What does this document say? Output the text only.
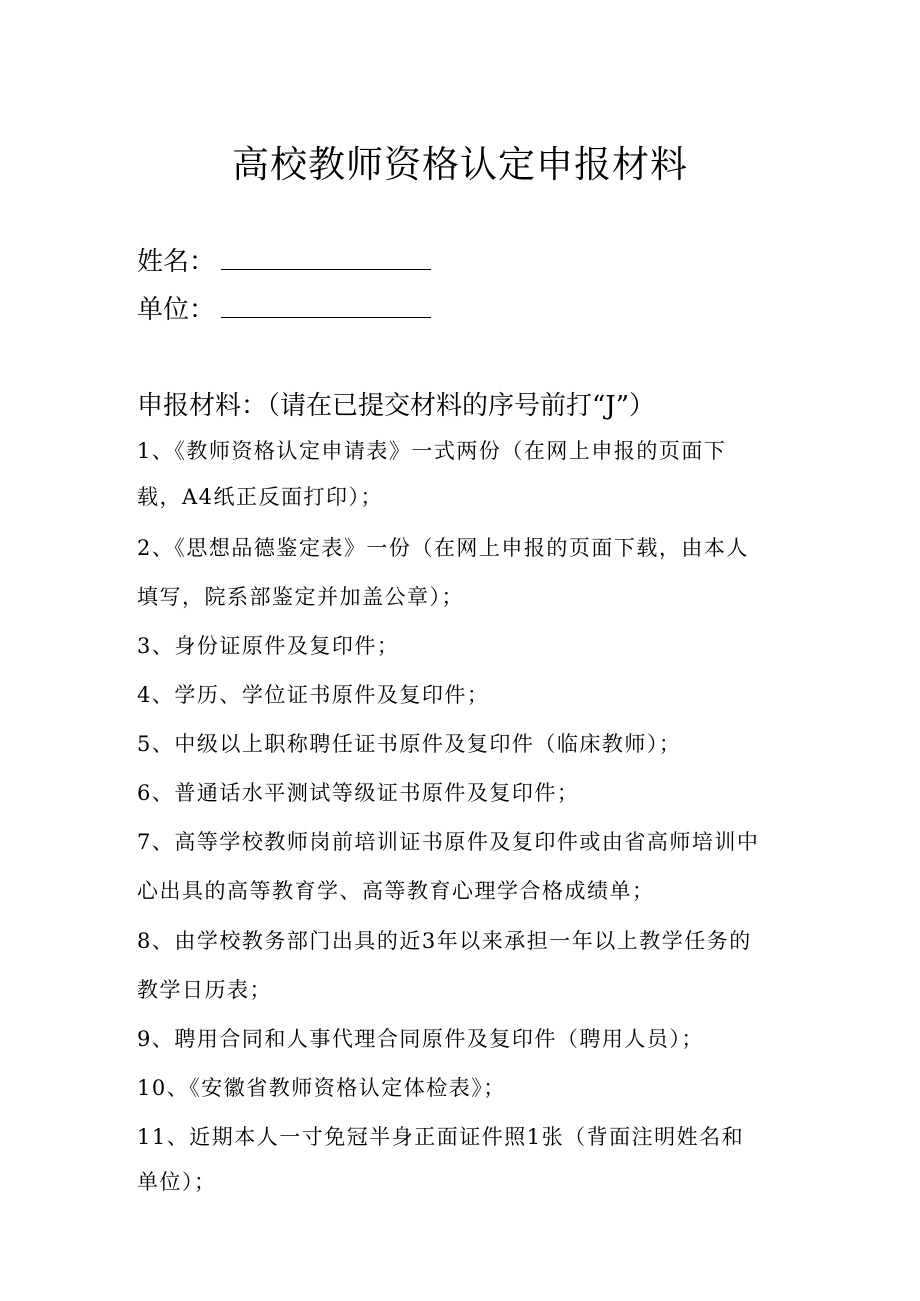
高校教师资格认定申报材料
姓名：
单位：
申报材料：（请在已提交材料的序号前打“J”）
1、《教师资格认定申请表》一式两份（在网上申报的页面下
载，A4纸正反面打印）；
2、《思想品德鉴定表》一份（在网上申报的页面下载，由本人
填写，院系部鉴定并加盖公章）；
3、身份证原件及复印件；
4、学历、学位证书原件及复印件；
5、中级以上职称聘任证书原件及复印件（临床教师）；
6、普通话水平测试等级证书原件及复印件；
7、高等学校教师岗前培训证书原件及复印件或由省高师培训中
心出具的高等教育学、高等教育心理学合格成绩单；
8、由学校教务部门出具的近3年以来承担一年以上教学任务的
教学日历表；
9、聘用合同和人事代理合同原件及复印件（聘用人员）；
10、《安徽省教师资格认定体检表》；
11、近期本人一寸免冠半身正面证件照1张（背面注明姓名和
单位）；
